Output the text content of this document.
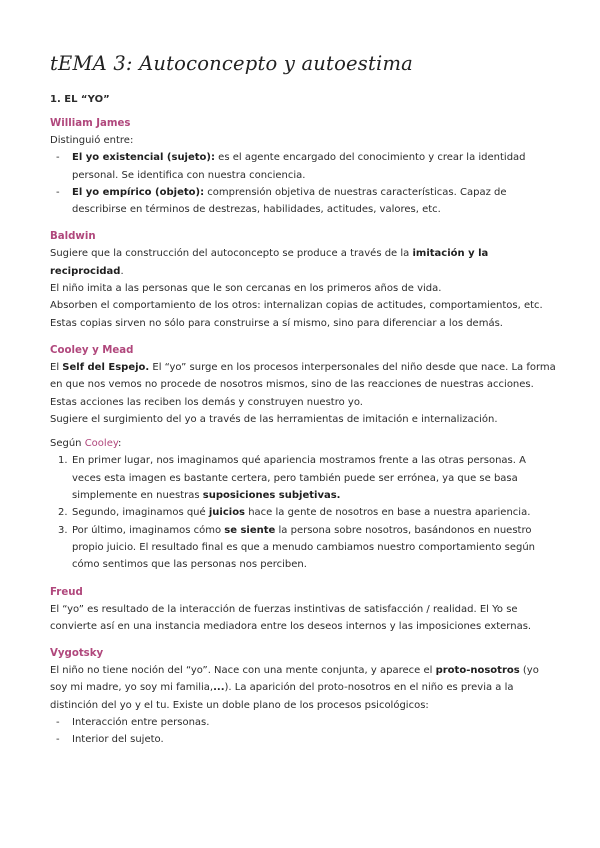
tEMA 3: Autoconcepto y autoestima
1. EL “YO”
William James
Distinguió entre:
- El yo existencial (sujeto): es el agente encargado del conocimiento y crear la identidad personal. Se identifica con nuestra conciencia.
- El yo empírico (objeto): comprensión objetiva de nuestras características. Capaz de describirse en términos de destrezas, habilidades, actitudes, valores, etc.
Baldwin
Sugiere que la construcción del autoconcepto se produce a través de la imitación y la reciprocidad.
El niño imita a las personas que le son cercanas en los primeros años de vida.
Absorben el comportamiento de los otros: internalizan copias de actitudes, comportamientos, etc.
Estas copias sirven no sólo para construirse a sí mismo, sino para diferenciar a los demás.
Cooley y Mead
El Self del Espejo. El “yo” surge en los procesos interpersonales del niño desde que nace. La forma en que nos vemos no procede de nosotros mismos, sino de las reacciones de nuestras acciones.
Estas acciones las reciben los demás y construyen nuestro yo.
Sugiere el surgimiento del yo a través de las herramientas de imitación e internalización.
Según Cooley:
1. En primer lugar, nos imaginamos qué apariencia mostramos frente a las otras personas. A veces esta imagen es bastante certera, pero también puede ser errónea, ya que se basa simplemente en nuestras suposiciones subjetivas.
2. Segundo, imaginamos qué juicios hace la gente de nosotros en base a nuestra apariencia.
3. Por último, imaginamos cómo se siente la persona sobre nosotros, basándonos en nuestro propio juicio. El resultado final es que a menudo cambiamos nuestro comportamiento según cómo sentimos que las personas nos perciben.
Freud
El “yo” es resultado de la interacción de fuerzas instintivas de satisfacción / realidad. El Yo se convierte así en una instancia mediadora entre los deseos internos y las imposiciones externas.
Vygotsky
El niño no tiene noción del “yo”. Nace con una mente conjunta, y aparece el proto-nosotros (yo soy mi madre, yo soy mi familia,...). La aparición del proto-nosotros en el niño es previa a la distinción del yo y el tu. Existe un doble plano de los procesos psicológicos:
- Interacción entre personas.
- Interior del sujeto.
